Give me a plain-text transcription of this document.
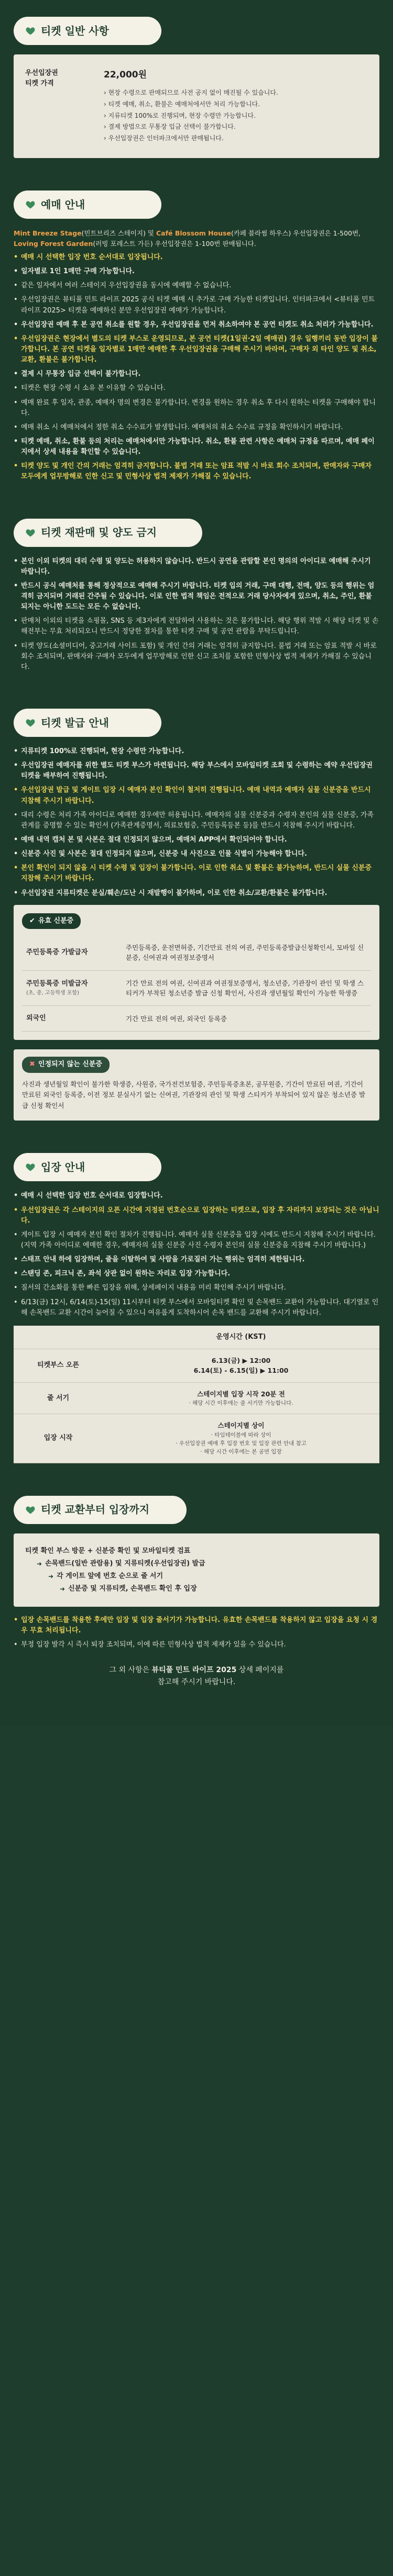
티켓 일반 사항
우선입장권
티켓 가격
22,000원
› 현장 수령으로 판매되므로 사전 공지 없이 매진될 수 있습니다.
› 티켓 예매, 취소, 환불은 예매처에서만 처리 가능합니다.
› 지류티켓 100%로 진행되며, 현장 수령만 가능합니다.
› 결제 방법으로 무통장 입금 선택이 불가합니다.
› 우선입장권은 인터파크에서만 판매됩니다.
예매 안내
Mint Breeze Stage(민트브리즈 스테이지) 및 Café Blossom House(카페 블라썸 하우스) 우선입장권은 1-500번,
Loving Forest Garden(러빙 포레스트 가든) 우선입장권은 1-100번 판매됩니다.
• 예매 시 선택한 입장 번호 순서대로 입장됩니다.
• 일자별로 1인 1매만 구매 가능합니다.
• 같은 일자에서 여러 스테이지 우선입장권을 동시에 예매할 수 없습니다.
• 우선입장권은 뷰티풀 민트 라이프 2025 공식 티켓 예매 시 추가로 구매 가능한 티켓입니다. 인터파크에서 <뷰티풀 민트 라이프 2025> 티켓을 예매하신 분만 우선입장권 예매가 가능합니다.
• 우선입장권 예매 후 본 공연 취소를 원할 경우, 우선입장권을 먼저 취소하여야 본 공연 티켓도 취소 처리가 가능합니다.
• 우선입장권은 현장에서 별도의 티켓 부스로 운영되므로, 본 공연 티켓(1일권·2일 예매권) 경우 일행끼리 동반 입장이 불가합니다. 본 공연 티켓을 일자별로 1매만 예매한 후 우선입장권을 구매해 주시기 바라며, 구매자 외 타인 양도 및 취소, 교환, 환불은 불가합니다.
• 결제 시 무통장 입금 선택이 불가합니다.
• 티켓은 현장 수령 시 소유 본 이유할 수 있습니다.
• 예매 완료 후 일자, 관종, 예매자 명의 변경은 불가합니다. 변경을 원하는 경우 취소 후 다시 원하는 티켓을 구매해야 합니다.
• 예매 취소 시 예매처에서 정한 취소 수수료가 발생합니다. 예매처의 취소 수수료 규정을 확인하시기 바랍니다.
• 티켓 예매, 취소, 환불 등의 처리는 예매처에서만 가능합니다. 취소, 환불 관련 사항은 예매처 규정을 따르며, 예매 페이지에서 상세 내용을 확인할 수 있습니다.
• 티켓 양도 및 개인 간의 거래는 엄격히 금지합니다. 불법 거래 또는 암표 적발 시 바로 회수 조치되며, 판매자와 구매자 모두에게 업무방해로 인한 신고 및 민형사상 법적 제재가 가해질 수 있습니다.
티켓 재판매 및 양도 금지
• 본인 이외 티켓의 대리 수령 및 양도는 허용하지 않습니다. 반드시 공연을 관람할 본인 명의의 아이디로 예매해 주시기 바랍니다.
• 반드시 공식 예매처를 통해 정상적으로 예매해 주시기 바랍니다. 티켓 입의 거래, 구매 대행, 전매, 양도 등의 행위는 엄격히 금지되며 거래된 간주될 수 있습니다. 이로 인한 법적 책임은 전적으로 거래 당사자에게 있으며, 취소, 주인, 환불 되지는 아니한 도드는 모든 수 없습니다.
• 판매처 이외의 티켓을 쇼핑몰, SNS 등 제3자에게 전달하여 사용하는 것은 불가합니다. 해당 행위 적발 시 해당 티켓 및 손해전부는 무효 처리되오니 반드시 정당한 절차를 통한 티켓 구매 및 공연 관람을 부탁드립니다.
• 티켓 양도(소셜미디어, 중고거래 사이트 포함) 및 개인 간의 거래는 엄격히 금지합니다. 불법 거래 또는 암표 적발 시 바로 회수 조치되며, 판매자와 구매자 모두에게 업무방해로 인한 신고 조치를 포함한 민형사상 법적 제재가 가해질 수 있습니다.
티켓 발급 안내
• 지류티켓 100%로 진행되며, 현장 수령만 가능합니다.
• 우선입장권 예매자를 위한 별도 티켓 부스가 마련됩니다. 해당 부스에서 모바일티켓 조회 및 수령하는 예약 우선입장권 티켓을 배부하여 진행됩니다.
• 우선입장권 발급 및 게이트 입장 시 예매자 본인 확인이 철저히 진행됩니다. 예매 내역과 예매자 실물 신분증을 반드시 지참해 주시기 바랍니다.
• 대리 수령은 처리 가족 아이디로 예매한 경우에만 허용됩니다. 예매자의 실물 신분증과 수령자 본인의 실물 신분증, 가족관계를 증명할 수 있는 확인서 (가족관계증명서, 의료보험증, 주민등록등본 등)를 반드시 지참해 주시기 바랍니다.
• 예매 내역 캡처 본 및 사본은 절대 인정되지 않으며, 예매처 APP에서 확인되어야 합니다.
• 신분증 사진 및 사본은 절대 인정되지 않으며, 신분증 내 사진으로 인물 식별이 가능해야 합니다.
• 본인 확인이 되지 않을 시 티켓 수령 및 입장이 불가합니다. 이로 인한 취소 및 환불은 불가능하며, 반드시 실물 신분증 지참해 주시기 바랍니다.
• 우선입장권 지류티켓은 분실/훼손/도난 시 재발행이 불가하며, 이로 인한 취소/교환/환불은 불가합니다.
✔ 유효 신분증
주민등록증 가발급자	주민등록증, 운전면허증, 기간만료 전의 여권, 주민등록증발급신청확인서, 모바일 신분증, 신여권과 여권정보증명서
주민등록증 미발급자
(초, 중, 고등학생 포함)	기간 만료 전의 여권, 신여권과 여권정보증명서, 청소년증, 기관장이 관인 및 학생 스티커가 부착된 청소년증 발급 신청 확인서, 사진과 생년월일 확인이 가능한 학생증
외국인	기간 만료 전의 여권, 외국인 등록증
✖ 인정되지 않는 신분증
사진과 생년월일 확인이 불가한 학생증, 사원증, 국가전건보험증, 주민등록증초본, 공무원증, 기간이 만료된 여권, 기간이 만료된 외국인 등록증, 이전 정보 분실사기 없는 신여권, 기관장의 관인 및 학생 스티커가 부착되어 있지 않은 청소년증 발급 신청 확인서
입장 안내
• 예매 시 선택한 입장 번호 순서대로 입장합니다.
• 우선입장권은 각 스테이지의 오픈 시간에 지정된 번호순으로 입장하는 티켓으로, 입장 후 자리까지 보장되는 것은 아닙니다.
• 게이트 입장 시 예매자 본인 확인 절차가 진행됩니다. 예매자 실물 신분증을 입장 시에도 반드시 지참해 주시기 바랍니다. (지역 가족 아이디로 예매한 경우, 예매자의 실물 신분증 사진 수령자 본인의 실물 신분증을 지참해 주시기 바랍니다.)
• 스태프 안내 하에 입장하며, 줄을 이탈하여 및 사람을 가로질러 가는 행위는 엄격히 제한됩니다.
• 스탠딩 존, 피크닉 존, 좌석 상관 없이 원하는 자리로 입장 가능합니다.
• 질서의 간소화를 통한 빠른 입장을 위해, 상세페이지 내용을 미리 확인해 주시기 바랍니다.
• 6/13(금) 12시, 6/14(토)-15(일) 11시부터 티켓 부스에서 모바일티켓 확인 및 손목밴드 교환이 가능합니다. 대기열로 인해 손목밴드 교환 시간이 늦어질 수 있으니 여유롭게 도착하시어 손목 밴드를 교환해 주시기 바랍니다.
	운영시간 (KST)
티켓부스 오픈	6.13(금) ▶ 12:00
6.14(토) - 6.15(일) ▶ 11:00

줄 서기	스테이지별 입장 시작 20분 전
· 해당 시간 이후에는 줄 서기만 가능합니다.

입장 시작	스테이지별 상이
· 타임테이블에 따라 상이
· 우선입장권 예매 후 입장 번호 및 입장 관련 안내 참고
· 해당 시간 이후에는 본 공연 입장
티켓 교환부터 입장까지
티켓 확인 부스 방문 + 신분증 확인 및 모바일티켓 검표
➜ 손목밴드(일반 관람용) 및 지류티켓(우선입장권) 발급
➜ 각 게이트 앞에 번호 순으로 줄 서기
➜ 신분증 및 지류티켓, 손목밴드 확인 후 입장
• 입장 손목밴드를 착용한 후에만 입장 및 입장 줄서기가 가능합니다. 유효한 손목밴드를 착용하지 않고 입장을 요청 시 경우 무효 처리됩니다.
• 부정 입장 발각 시 즉시 퇴장 조치되며, 이에 따른 민형사상 법적 제재가 있을 수 있습니다.
그 외 사항은 뷰티풀 민트 라이프 2025 상세 페이지를
참고해 주시기 바랍니다.
